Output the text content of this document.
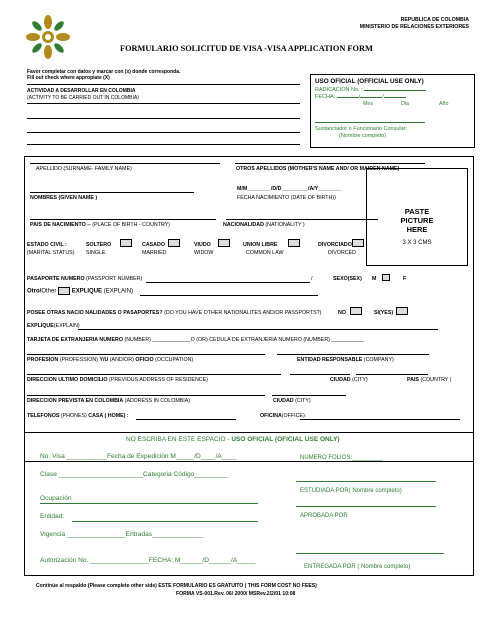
REPUBLICA DE COLOMBIA
MINISTERIO DE RELACIONES EXTERIORES
FORMULARIO SOLICITUD DE VISA -VISA APPLICATION FORM
Favor completar con datos y marcar con (x) donde corresponda.
Fill out check where appropiate (X)
ACTIVIDAD A DESARROLLAR EN COLOMBIA
(ACTIVITY TO BE CARRIED OUT IN COLOMBIA)
USO OFICIAL (OFFICIAL USE ONLY)
RADICACION No. :
FECHA:	/	/
Mes	Dia	Año
Sustanciador o Funcionario Consular:
(Nombre completo)
PASTE
PICTURE
HERE
3 X 3 CMS
APELLIDO (SURNAME- FAMILY NAME)	OTROS APELLIDOS (MOTHER'S NAME AND/ OR MAIDEN NAME)
NOMBRES (GIVEN NAME )
M/M________/D/D_________/A/Y________
FECHA NACIMIENTO (DATE OF BIRTH))
PAIS DE NACIMIENTO -- (PLACE OF BIRTH - COUNTRY)	NACIONALIDAD (NATIONALITY )
ESTADO CIVIL :
(MARITAL STATUS)
SOLTERO
SINGLE
CASADO
MARRIED
VIUDO
WIDOW
UNION LIBRE
COMMON LAW
DIVORCIADO
DIVORCED
PASAPORTE NUMERO (PASSPORT NUMBER)	/	SEXO(SEX) M	F
Otro/Other	EXPLIQUE (EXPLAIN)
POSEE OTRAS NACIO NALIDADES O PASAPORTES? (DO YOU HAVE OTHER NATIONALITES AND/OR PASSPORTS?)	NO	SI(YES)
EXPLIQUE(EXPLAIN)
TARJETA DE EXTRANJERIA NUMERO (NUMBER) _____________O (OR) CEDULA DE EXTRANJERIA NUMERO (NUMBER) ___________
PROFESION (PROFESSION) Y/U (AND/OR) OFICIO (OCCUPATION)	ENTIDAD RESPONSABLE (COMPANY)
DIRECCION ULTIMO DOMICILIO (PREVIOUS ADDRESS OF RESIDENCE)	CIUDAD (CITY)	PAIS (COUNTRY )
DIRECCION PREVISTA EN COLOMBIA (ADDRESS IN COLOMBIA)	CIUDAD (CITY)
TELEFONOS (PHONES) CASA ( HOME) :	OFICINA(OFFICE):
NO ESCRIBA EN ESTE ESPACIO - USO OFICIAL (OFICIAL USE ONLY)
No. Visa ___________Fecha de Expedición M_____/D____/A____	NUMERO FOLIOS:_________
Clase _______________________Categoria Código_________
ESTUDIADA POR( Nombre completo)
Ocupación
APROBADA POR
Entidad:
Vigencia ________________Entradas______________
Autorización No. ________________FECHA: M______/D______/A_____
ENTREGADA POR ( Nombre completo)
Continúe al respaldo (Please complete other side) ESTE FORMULARIO ES GRATUITO ( THIS FORM COST NO FEES)
FORMA VS-001.Rev. 06/ 2000/ MSRev.2/2/01 10:08
